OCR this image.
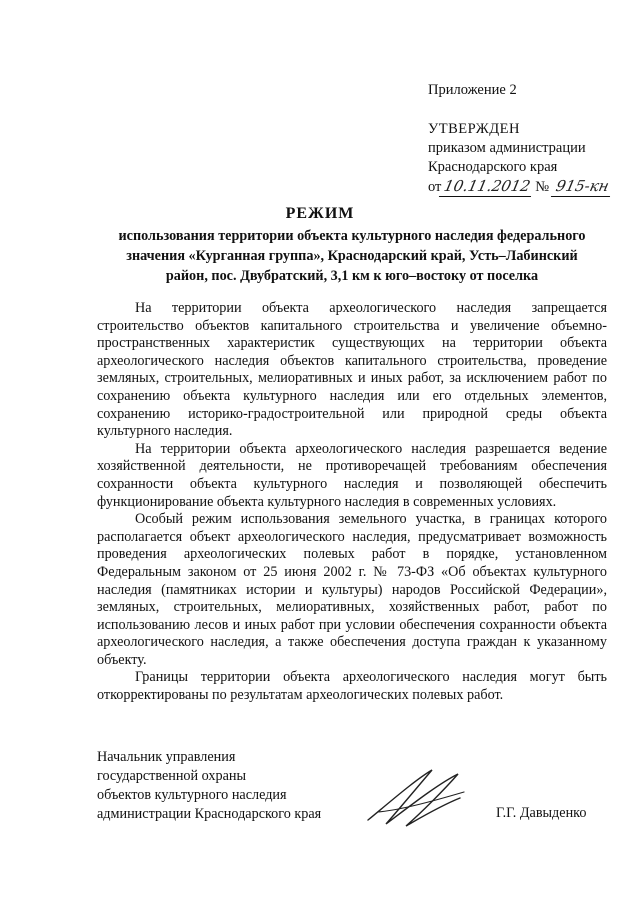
Приложение 2
УТВЕРЖДЕН
приказом администрации
Краснодарского края
от 10.11.2012 № 915-кн
РЕЖИМ
использования территории объекта культурного наследия федерального
значения «Курганная группа», Краснодарский край, Усть–Лабинский
район, пос. Двубратский, 3,1 км к юго–востоку от поселка

На территории объекта археологического наследия запрещается строительство объектов капитального строительства и увеличение объемно-пространственных характеристик существующих на территории объекта археологического наследия объектов капитального строительства, проведение земляных, строительных, мелиоративных и иных работ, за исключением работ по сохранению объекта культурного наследия или его отдельных элементов, сохранению историко-градостроительной или природной среды объекта культурного наследия.

На территории объекта археологического наследия разрешается ведение хозяйственной деятельности, не противоречащей требованиям обеспечения сохранности объекта культурного наследия и позволяющей обеспечить функционирование объекта культурного наследия в современных условиях.

Особый режим использования земельного участка, в границах которого располагается объект археологического наследия, предусматривает возможность проведения археологических полевых работ в порядке, установленном Федеральным законом от 25 июня 2002 г. № 73-ФЗ «Об объектах культурного наследия (памятниках истории и культуры) народов Российской Федерации», земляных, строительных, мелиоративных, хозяйственных работ, работ по использованию лесов и иных работ при условии обеспечения сохранности объекта археологического наследия, а также обеспечения доступа граждан к указанному объекту.

Границы территории объекта археологического наследия могут быть откорректированы по результатам археологических полевых работ.

Начальник управления
государственной охраны
объектов культурного наследия
администрации Краснодарского края	Г.Г. Давыденко
